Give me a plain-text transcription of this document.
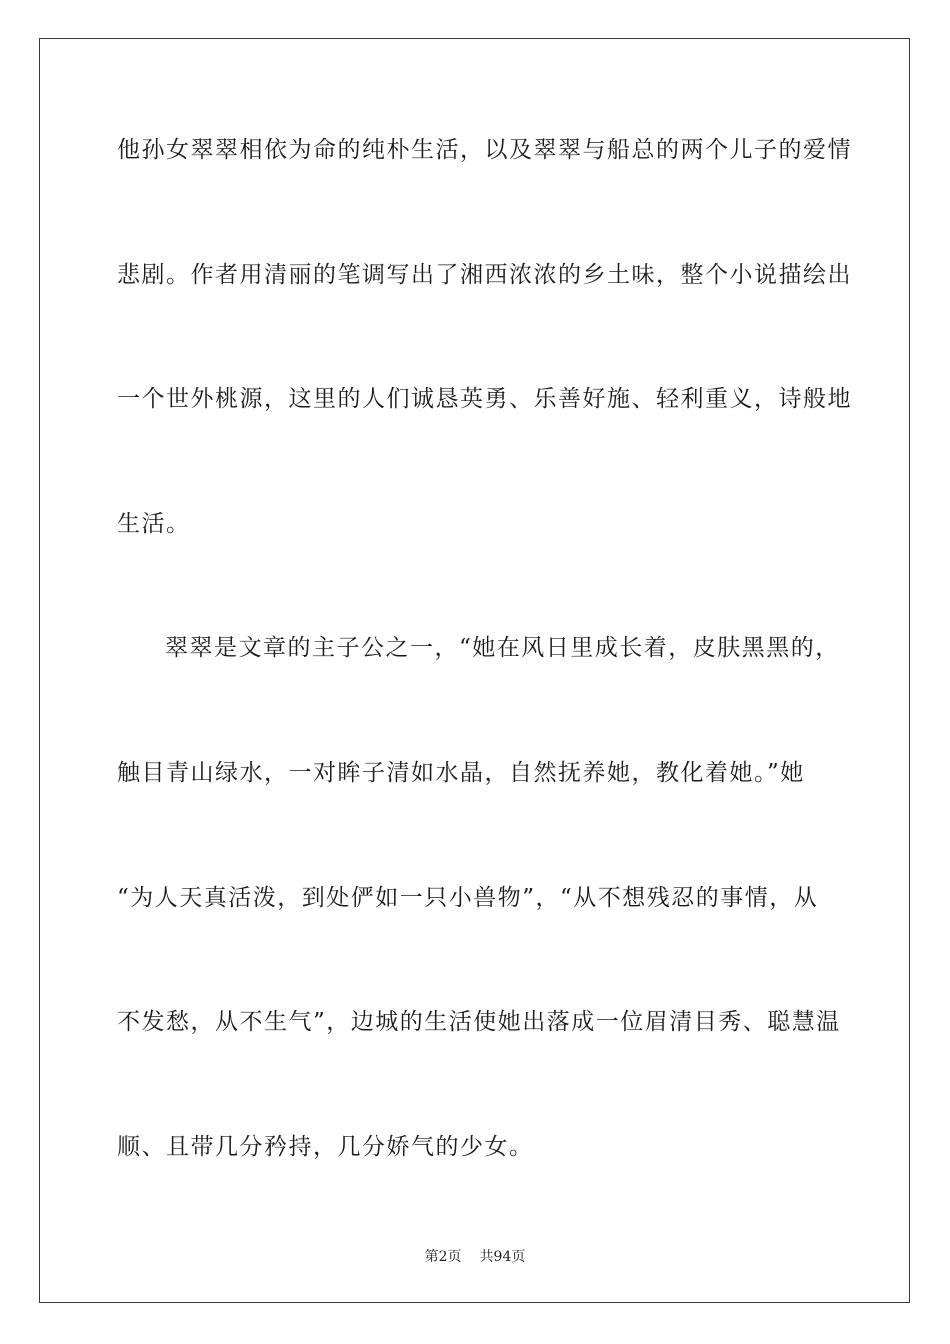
他孙女翠翠相依为命的纯朴生活，以及翠翠与船总的两个儿子的爱情
悲剧。作者用清丽的笔调写出了湘西浓浓的乡土味，整个小说描绘出
一个世外桃源，这里的人们诚恳英勇、乐善好施、轻利重义，诗般地
生活。
翠翠是文章的主子公之一，“她在风日里成长着，皮肤黑黑的，
触目青山绿水，一对眸子清如水晶，自然抚养她，教化着她。”她
“为人天真活泼，到处俨如一只小兽物”，“从不想残忍的事情，从
不发愁，从不生气”，边城的生活使她出落成一位眉清目秀、聪慧温
顺、且带几分矜持，几分娇气的少女。
第2页 共94页
